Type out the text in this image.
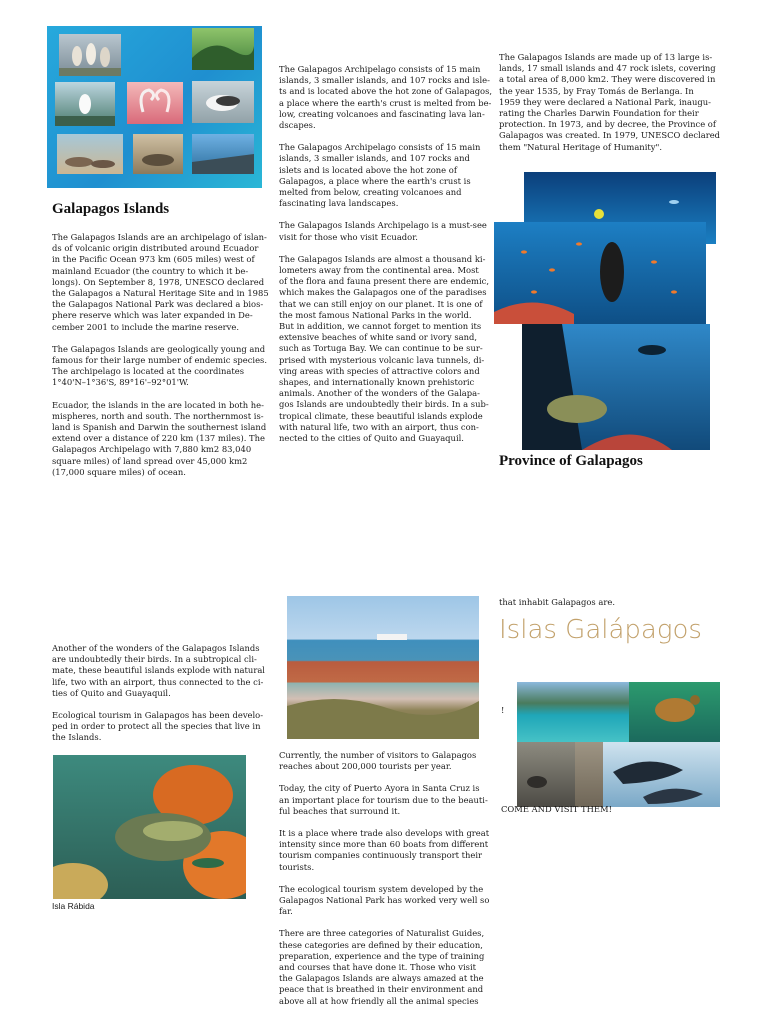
Galapagos Islands

The Galapagos Islands are an archipelago of islan-
ds of volcanic origin distributed around Ecuador
in the Pacific Ocean 973 km (605 miles) west of
mainland Ecuador (the country to which it be-
longs). On September 8, 1978, UNESCO declared
the Galapagos a Natural Heritage Site and in 1985
the Galapagos National Park was declared a bios-
phere reserve which was later expanded in De-
cember 2001 to include the marine reserve.

The Galapagos Islands are geologically young and
famous for their large number of endemic species.
The archipelago is located at the coordinates
1°40'N–1°36'S, 89°16'–92°01'W.

Ecuador, the islands in the are located in both he-
mispheres, north and south. The northernmost is-
land is Spanish and Darwin the southernest island
extend over a distance of 220 km (137 miles). The
Galapagos Archipelago with 7,880 km2 83,040
square miles) of land spread over 45,000 km2
(17,000 square miles) of ocean.

The Galapagos Archipelago consists of 15 main
islands, 3 smaller islands, and 107 rocks and isle-
ts and is located above the hot zone of Galapagos,
a place where the earth's crust is melted from be-
low, creating volcanoes and fascinating lava lan-
dscapes.

The Galapagos Archipelago consists of 15 main
islands, 3 smaller islands, and 107 rocks and
islets and is located above the hot zone of
Galapagos, a place where the earth's crust is
melted from below, creating volcanoes and
fascinating lava landscapes.

The Galapagos Islands Archipelago is a must-see
visit for those who visit Ecuador.

The Galapagos Islands are almost a thousand ki-
lometers away from the continental area. Most
of the flora and fauna present there are endemic,
which makes the Galapagos one of the paradises
that we can still enjoy on our planet. It is one of
the most famous National Parks in the world.
But in addition, we cannot forget to mention its
extensive beaches of white sand or ivory sand,
such as Tortuga Bay. We can continue to be sur-
prised with mysterious volcanic lava tunnels, di-
ving areas with species of attractive colors and
shapes, and internationally known prehistoric
animals. Another of the wonders of the Galapa-
gos Islands are undoubtedly their birds. In a sub-
tropical climate, these beautiful islands explode
with natural life, two with an airport, thus con-
nected to the cities of Quito and Guayaquil.

The Galapagos Islands are made up of 13 large is-
lands, 17 small islands and 47 rock islets, covering
a total area of 8,000 km2. They were discovered in
the year 1535, by Fray Tomás de Berlanga. In
1959 they were declared a National Park, inaugu-
rating the Charles Darwin Foundation for their
protection. In 1973, and by decree, the Province of
Galapagos was created. In 1979, UNESCO declared
them "Natural Heritage of Humanity".

Province of Galapagos

Another of the wonders of the Galapagos Islands
are undoubtedly their birds. In a subtropical cli-
mate, these beautiful islands explode with natural
life, two with an airport, thus connected to the ci-
ties of Quito and Guayaquil.

Ecological tourism in Galapagos has been develo-
ped in order to protect all the species that live in
the Islands.

Isla Rábida

Currently, the number of visitors to Galapagos
reaches about 200,000 tourists per year.

Today, the city of Puerto Ayora in Santa Cruz is
an important place for tourism due to the beauti-
ful beaches that surround it.

It is a place where trade also develops with great
intensity since more than 60 boats from different
tourism companies continuously transport their
tourists.

The ecological tourism system developed by the
Galapagos National Park has worked very well so
far.

There are three categories of Naturalist Guides,
these categories are defined by their education,
preparation, experience and the type of training
and courses that have done it. Those who visit
the Galapagos Islands are always amazed at the
peace that is breathed in their environment and
above all at how friendly all the animal species

that inhabit Galapagos are.

Islas Galápagos

!

COME AND VISIT THEM!
